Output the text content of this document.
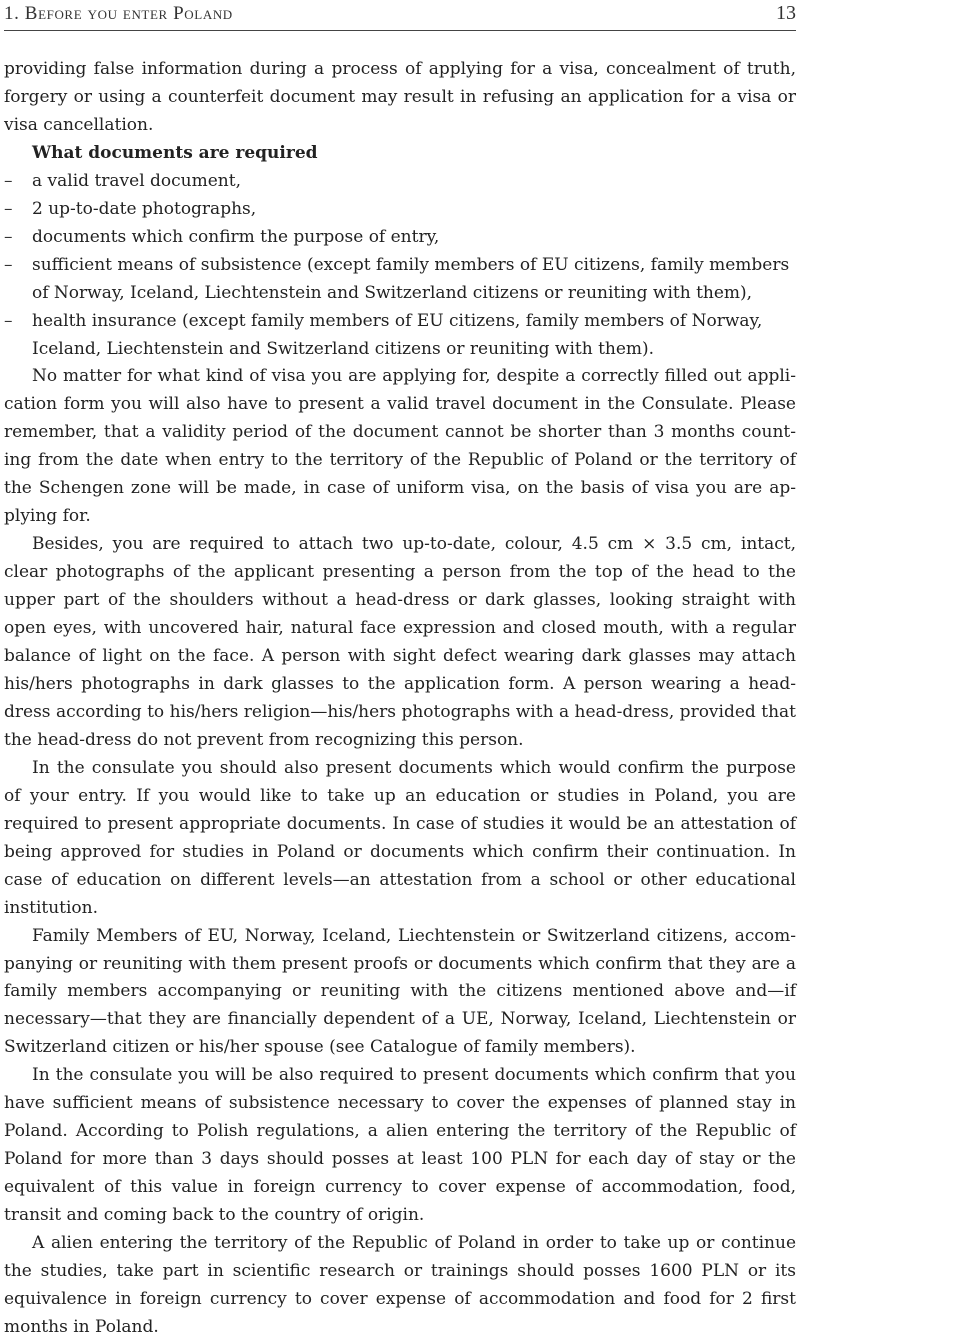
1. Before you enter Poland	13

providing false information during a process of applying for a visa, concealment of truth, forgery or using a counterfeit document may result in refusing an application for a visa or visa cancellation.

What documents are required
–	a valid travel document,
–	2 up-to-date photographs,
–	documents which confirm the purpose of entry,
–	sufficient means of subsistence (except family members of EU citizens, family members of Norway, Iceland, Liechtenstein and Switzerland citizens or reuniting with them),
–	health insurance (except family members of EU citizens, family members of Norway, Iceland, Liechtenstein and Switzerland citizens or reuniting with them).

No matter for what kind of visa you are applying for, despite a correctly filled out application form you will also have to present a valid travel document in the Consulate. Please remember, that a validity period of the document cannot be shorter than 3 months counting from the date when entry to the territory of the Republic of Poland or the territory of the Schengen zone will be made, in case of uniform visa, on the basis of visa you are applying for.

Besides, you are required to attach two up-to-date, colour, 4.5 cm × 3.5 cm, intact, clear photographs of the applicant presenting a person from the top of the head to the upper part of the shoulders without a head-dress or dark glasses, looking straight with open eyes, with uncovered hair, natural face expression and closed mouth, with a regular balance of light on the face. A person with sight defect wearing dark glasses may attach his/hers photographs in dark glasses to the application form. A person wearing a head-dress according to his/hers religion—his/hers photographs with a head-dress, provided that the head-dress do not prevent from recognizing this person.

In the consulate you should also present documents which would confirm the purpose of your entry. If you would like to take up an education or studies in Poland, you are required to present appropriate documents. In case of studies it would be an attestation of being approved for studies in Poland or documents which confirm their continuation. In case of education on different levels—an attestation from a school or other educational institution.

Family Members of EU, Norway, Iceland, Liechtenstein or Switzerland citizens, accompanying or reuniting with them present proofs or documents which confirm that they are a family members accompanying or reuniting with the citizens mentioned above and—if necessary—that they are financially dependent of a UE, Norway, Iceland, Liechtenstein or Switzerland citizen or his/her spouse (see Catalogue of family members).

In the consulate you will be also required to present documents which confirm that you have sufficient means of subsistence necessary to cover the expenses of planned stay in Poland. According to Polish regulations, a alien entering the territory of the Republic of Poland for more than 3 days should posses at least 100 PLN for each day of stay or the equivalent of this value in foreign currency to cover expense of accommodation, food, transit and coming back to the country of origin.

A alien entering the territory of the Republic of Poland in order to take up or continue the studies, take part in scientific research or trainings should posses 1600 PLN or its equivalence in foreign currency to cover expense of accommodation and food for 2 first months in Poland.
